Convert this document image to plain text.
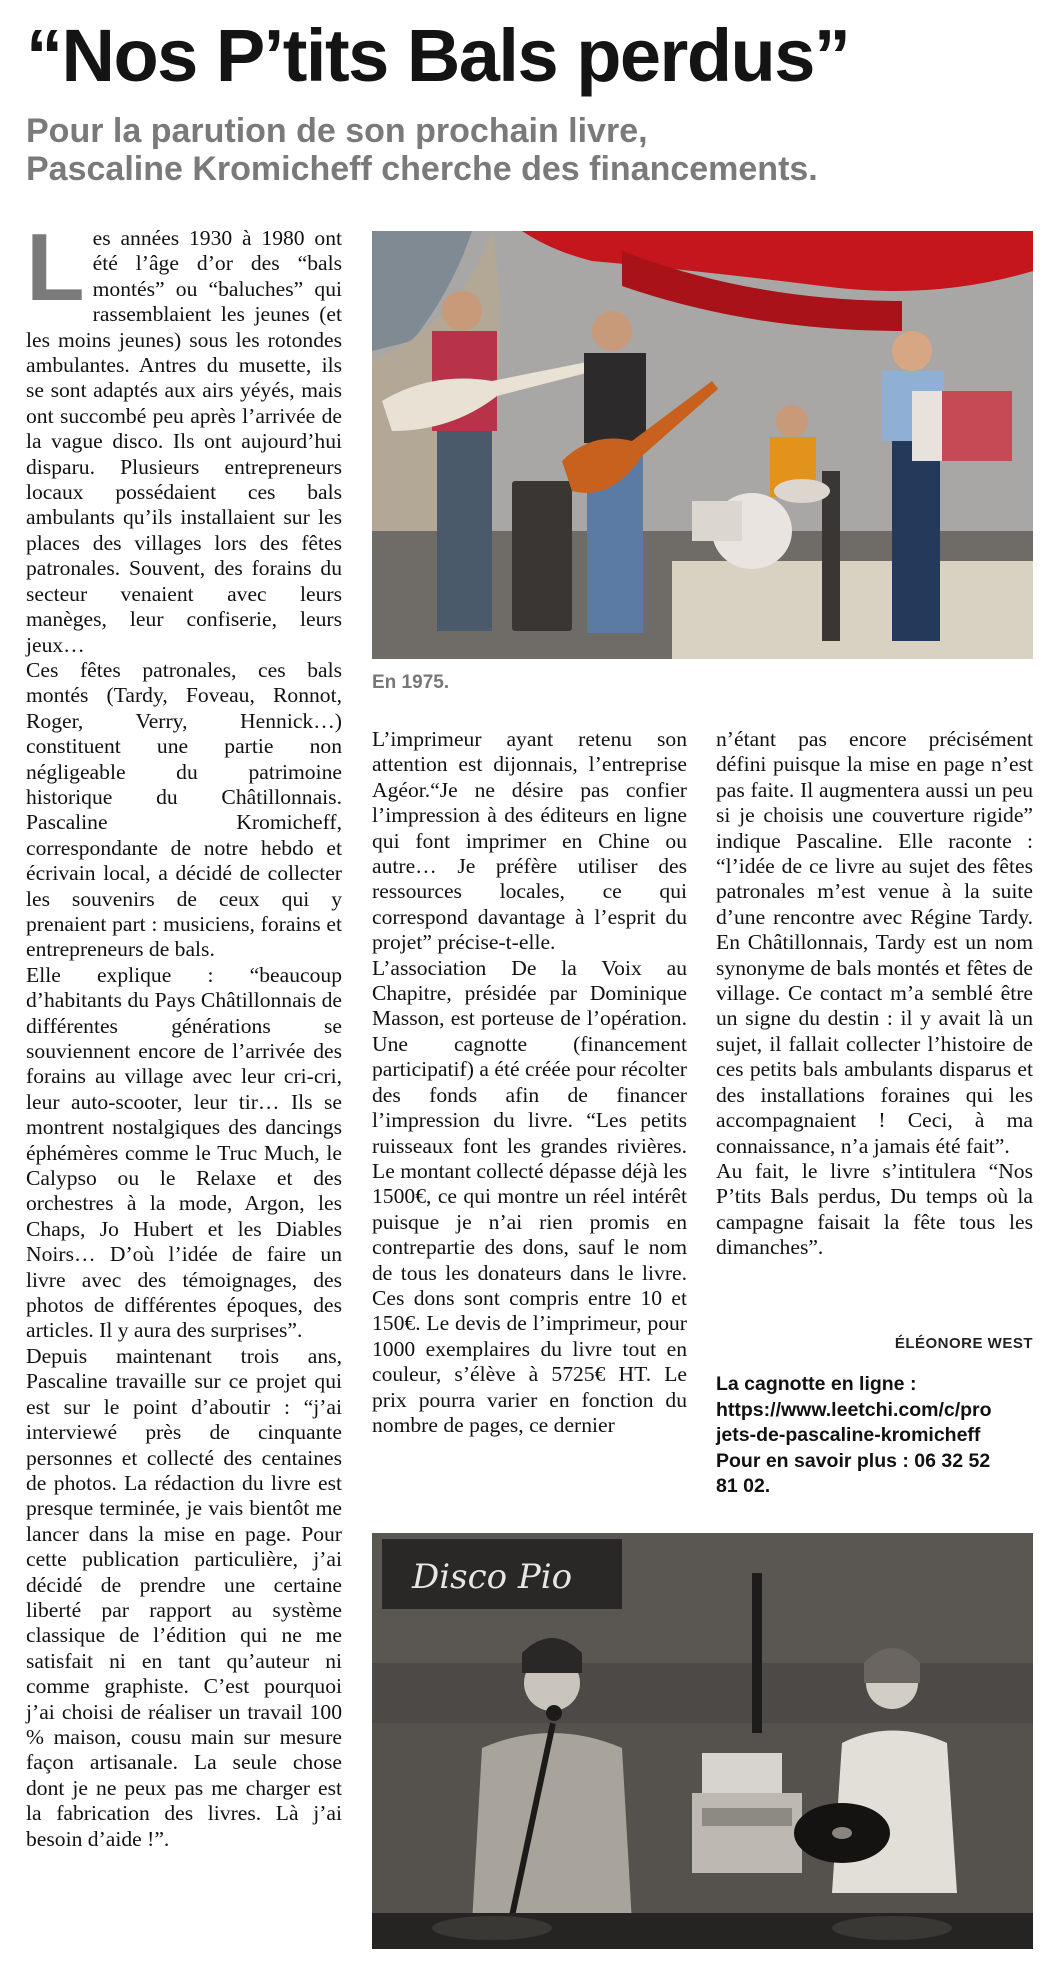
“Nos P’tits Bals perdus”
Pour la parution de son prochain livre,
Pascaline Kromicheff cherche des financements.

Les années 1930 à 1980 ont été l’âge d’or des “bals montés” ou “baluches” qui rassemblaient les jeunes (et les moins jeunes) sous les rotondes ambulantes. Antres du musette, ils se sont adaptés aux airs yéyés, mais ont succombé peu après l’arrivée de la vague disco. Ils ont aujourd’hui disparu. Plusieurs entrepreneurs locaux possédaient ces bals ambulants qu’ils installaient sur les places des villages lors des fêtes patronales. Souvent, des forains du secteur venaient avec leurs manèges, leur confiserie, leurs jeux…

Ces fêtes patronales, ces bals montés (Tardy, Foveau, Ronnot, Roger, Verry, Hennick…) constituent une partie non négligeable du patrimoine historique du Châtillonnais. Pascaline Kromicheff, correspondante de notre hebdo et écrivain local, a décidé de collecter les souvenirs de ceux qui y prenaient part : musiciens, forains et entrepreneurs de bals.

Elle explique : “beaucoup d’habitants du Pays Châtillonnais de différentes générations se souviennent encore de l’arrivée des forains au village avec leur cri-cri, leur auto-scooter, leur tir… Ils se montrent nostalgiques des dancings éphémères comme le Truc Much, le Calypso ou le Relaxe et des orchestres à la mode, Argon, les Chaps, Jo Hubert et les Diables Noirs… D’où l’idée de faire un livre avec des témoignages, des photos de différentes époques, des articles. Il y aura des surprises”.

Depuis maintenant trois ans, Pascaline travaille sur ce projet qui est sur le point d’aboutir : “j’ai interviewé près de cinquante personnes et collecté des centaines de photos. La rédaction du livre est presque terminée, je vais bientôt me lancer dans la mise en page. Pour cette publication particulière, j’ai décidé de prendre une certaine liberté par rapport au système classique de l’édition qui ne me satisfait ni en tant qu’auteur ni comme graphiste. C’est pourquoi j’ai choisi de réaliser un travail 100 % maison, cousu main sur mesure façon artisanale. La seule chose dont je ne peux pas me charger est la fabrication des livres. Là j’ai besoin d’aide !”.

En 1975.

L’imprimeur ayant retenu son attention est dijonnais, l’entreprise Agéor.“Je ne désire pas confier l’impression à des éditeurs en ligne qui font imprimer en Chine ou autre… Je préfère utiliser des ressources locales, ce qui correspond davantage à l’esprit du projet” précise-t-elle.

L’association De la Voix au Chapitre, présidée par Dominique Masson, est porteuse de l’opération. Une cagnotte (financement participatif) a été créée pour récolter des fonds afin de financer l’impression du livre. “Les petits ruisseaux font les grandes rivières. Le montant collecté dépasse déjà les 1500€, ce qui montre un réel intérêt puisque je n’ai rien promis en contrepartie des dons, sauf le nom de tous les donateurs dans le livre. Ces dons sont compris entre 10 et 150€. Le devis de l’imprimeur, pour 1000 exemplaires du livre tout en couleur, s’élève à 5725€ HT. Le prix pourra varier en fonction du nombre de pages, ce dernier

n’étant pas encore précisément défini puisque la mise en page n’est pas faite. Il augmentera aussi un peu si je choisis une couverture rigide” indique Pascaline. Elle raconte : “l’idée de ce livre au sujet des fêtes patronales m’est venue à la suite d’une rencontre avec Régine Tardy. En Châtillonnais, Tardy est un nom synonyme de bals montés et fêtes de village. Ce contact m’a semblé être un signe du destin : il y avait là un sujet, il fallait collecter l’histoire de ces petits bals ambulants disparus et des installations foraines qui les accompagnaient ! Ceci, à ma connaissance, n’a jamais été fait”.

Au fait, le livre s’intitulera “Nos P’tits Bals perdus, Du temps où la campagne faisait la fête tous les dimanches”.

ÉLÉONORE WEST
La cagnotte en ligne :
https://www.leetchi.com/c/pro
jets-de-pascaline-kromicheff
Pour en savoir plus : 06 32 52
81 02.
Disco Pio
